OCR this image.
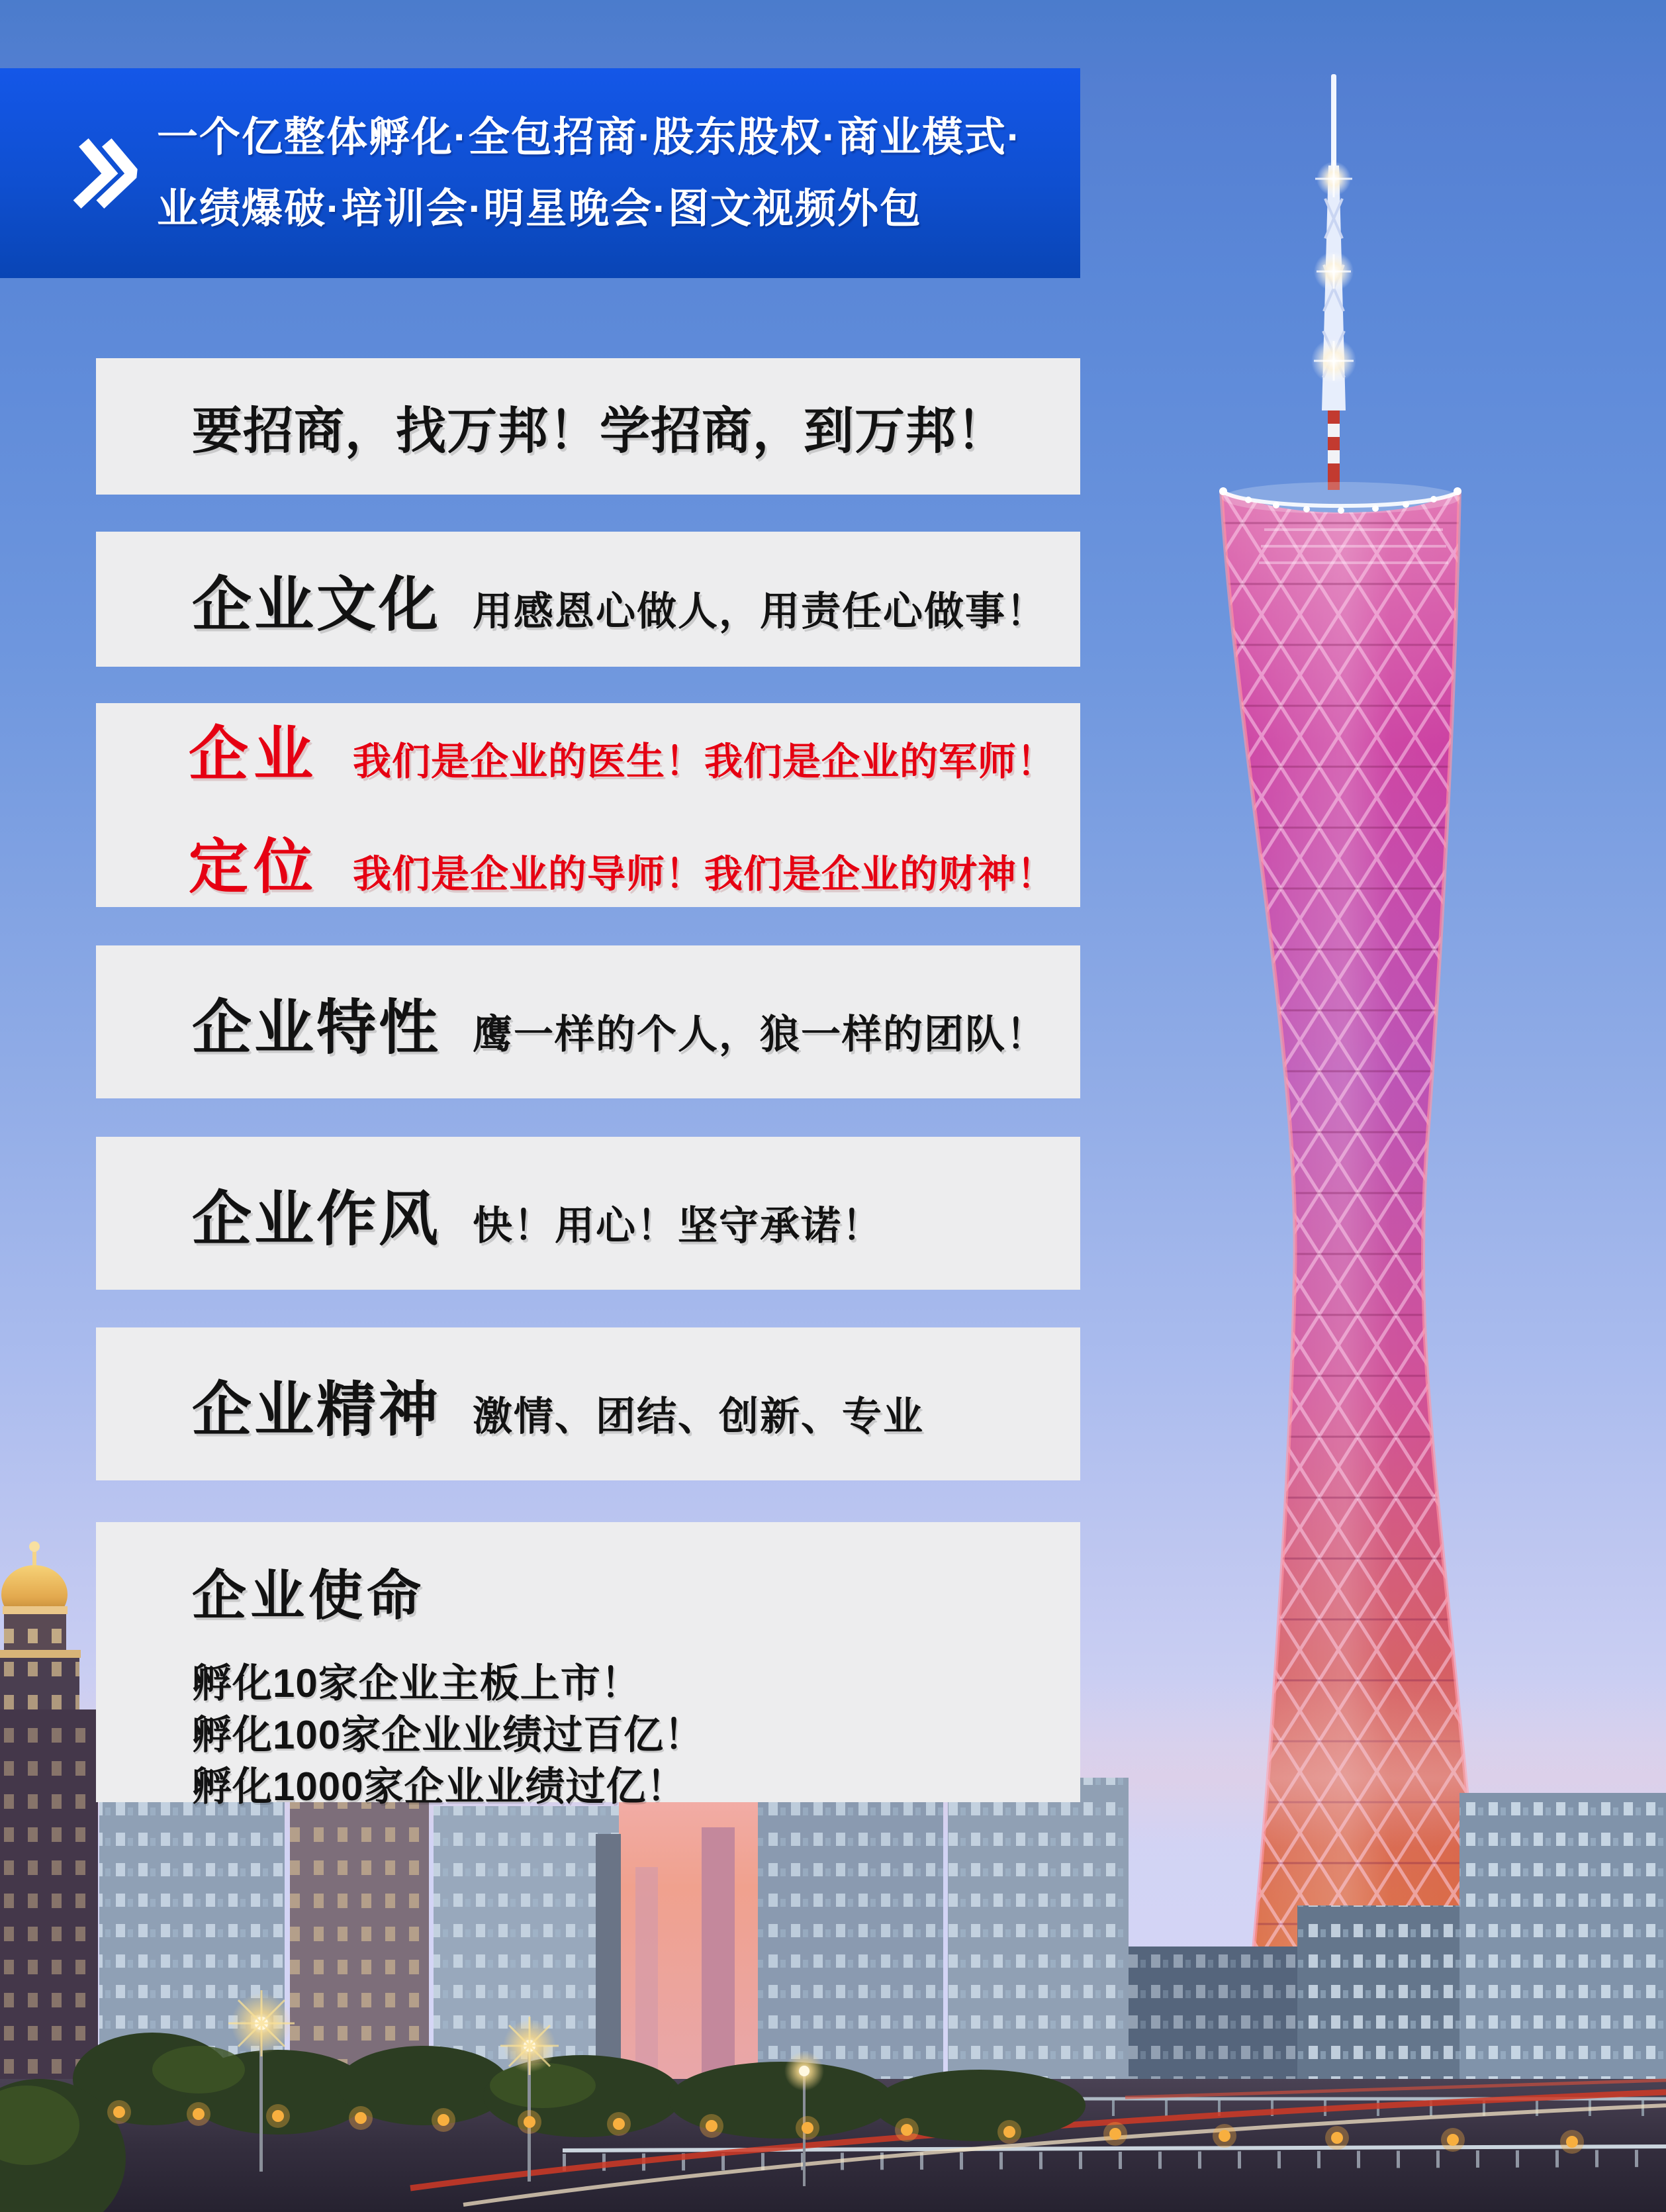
一个亿整体孵化·全包招商·股东股权·商业模式·
业绩爆破·培训会·明星晚会·图文视频外包
要招商，找万邦！学招商，到万邦！
企业文化 用感恩心做人，用责任心做事！
企业 我们是企业的医生！我们是企业的军师！
定位 我们是企业的导师！我们是企业的财神！
企业特性 鹰一样的个人，狼一样的团队！
企业作风 快！用心！坚守承诺！
企业精神 激情、团结、创新、专业
企业使命
孵化10家企业主板上市！
孵化100家企业业绩过百亿！
孵化1000家企业业绩过亿！
